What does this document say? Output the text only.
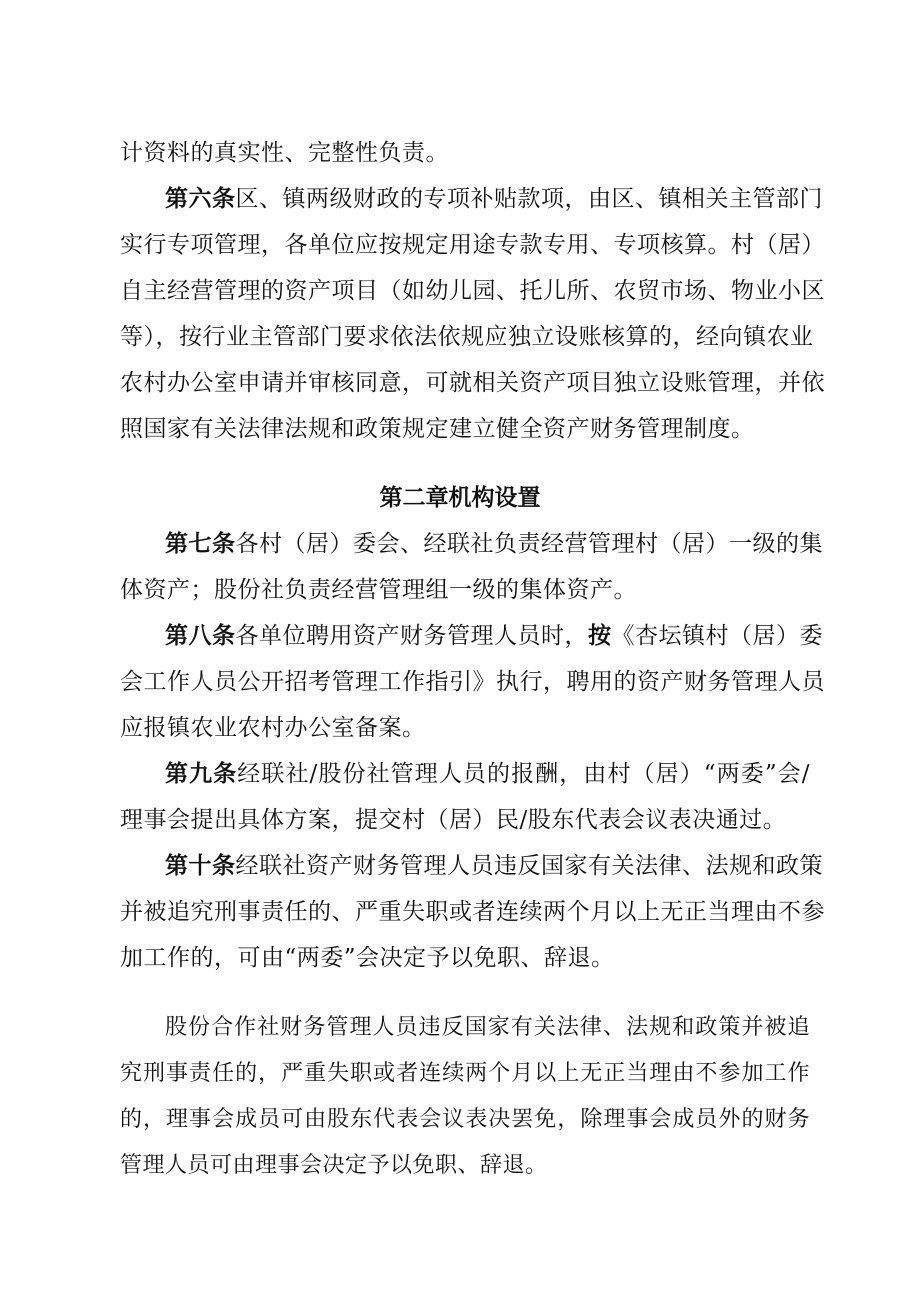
计资料的真实性、完整性负责。
第六条区、镇两级财政的专项补贴款项，由区、镇相关主管部门
实行专项管理，各单位应按规定用途专款专用、专项核算。村（居）
自主经营管理的资产项目（如幼儿园、托儿所、农贸市场、物业小区
等），按行业主管部门要求依法依规应独立设账核算的，经向镇农业
农村办公室申请并审核同意，可就相关资产项目独立设账管理，并依
照国家有关法律法规和政策规定建立健全资产财务管理制度。
第二章机构设置
第七条各村（居）委会、经联社负责经营管理村（居）一级的集
体资产；股份社负责经营管理组一级的集体资产。
第八条各单位聘用资产财务管理人员时，按《杏坛镇村（居）委
会工作人员公开招考管理工作指引》执行，聘用的资产财务管理人员
应报镇农业农村办公室备案。
第九条经联社/股份社管理人员的报酬，由村（居）“两委”会/
理事会提出具体方案，提交村（居）民/股东代表会议表决通过。
第十条经联社资产财务管理人员违反国家有关法律、法规和政策
并被追究刑事责任的、严重失职或者连续两个月以上无正当理由不参
加工作的，可由“两委”会决定予以免职、辞退。
股份合作社财务管理人员违反国家有关法律、法规和政策并被追
究刑事责任的，严重失职或者连续两个月以上无正当理由不参加工作
的，理事会成员可由股东代表会议表决罢免，除理事会成员外的财务
管理人员可由理事会决定予以免职、辞退。
